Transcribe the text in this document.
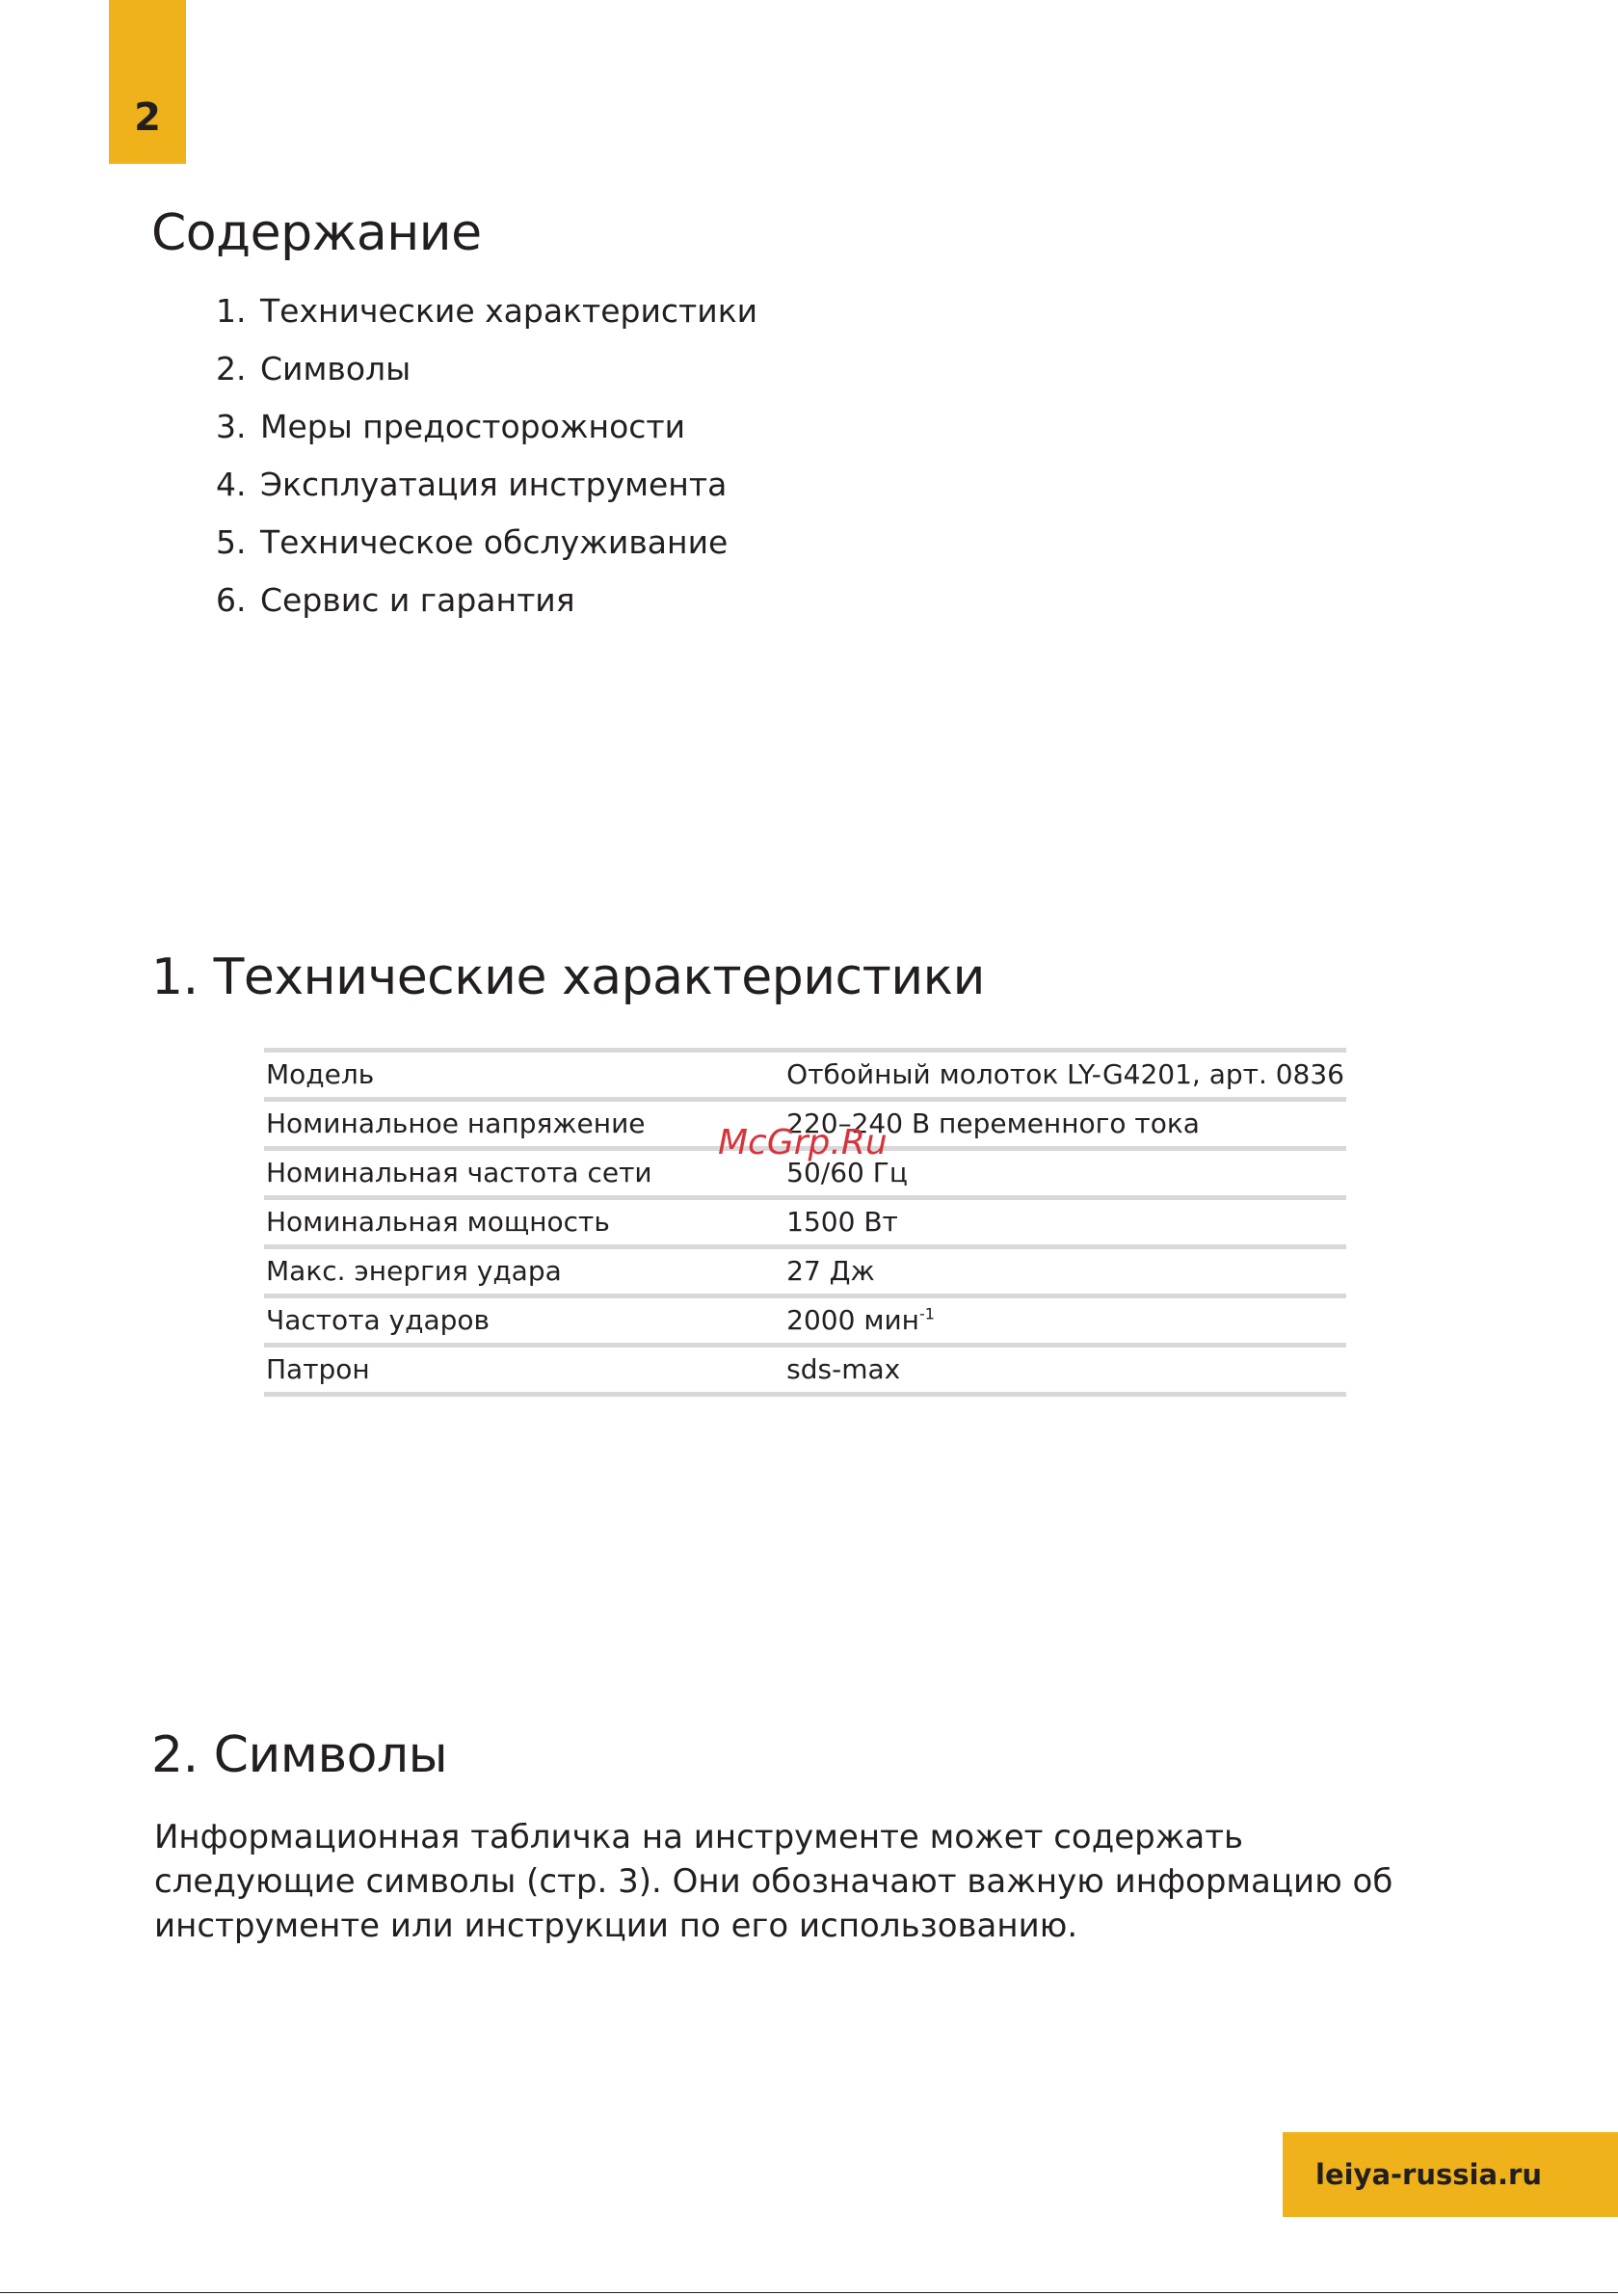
2
Содержание
1. Технические характеристики
2. Символы
3. Меры предосторожности
4. Эксплуатация инструмента
5. Техническое обслуживание
6. Сервис и гарантия
1. Технические характеристики
Модель	Отбойный молоток LY-G4201, арт. 0836
Номинальное напряжение	220–240 В переменного тока
Номинальная частота сети	50/60 Гц
Номинальная мощность	1500 Вт
Макс. энергия удара	27 Дж
Частота ударов	2000 мин$^{-1}$
Патрон	sds-max
McGrp.Ru
2. Символы

Информационная табличка на инструменте может содержать следующие символы (стр. 3). Они обозначают важную информацию об инструменте или инструкции по его использованию.

leiya-russia.ru
